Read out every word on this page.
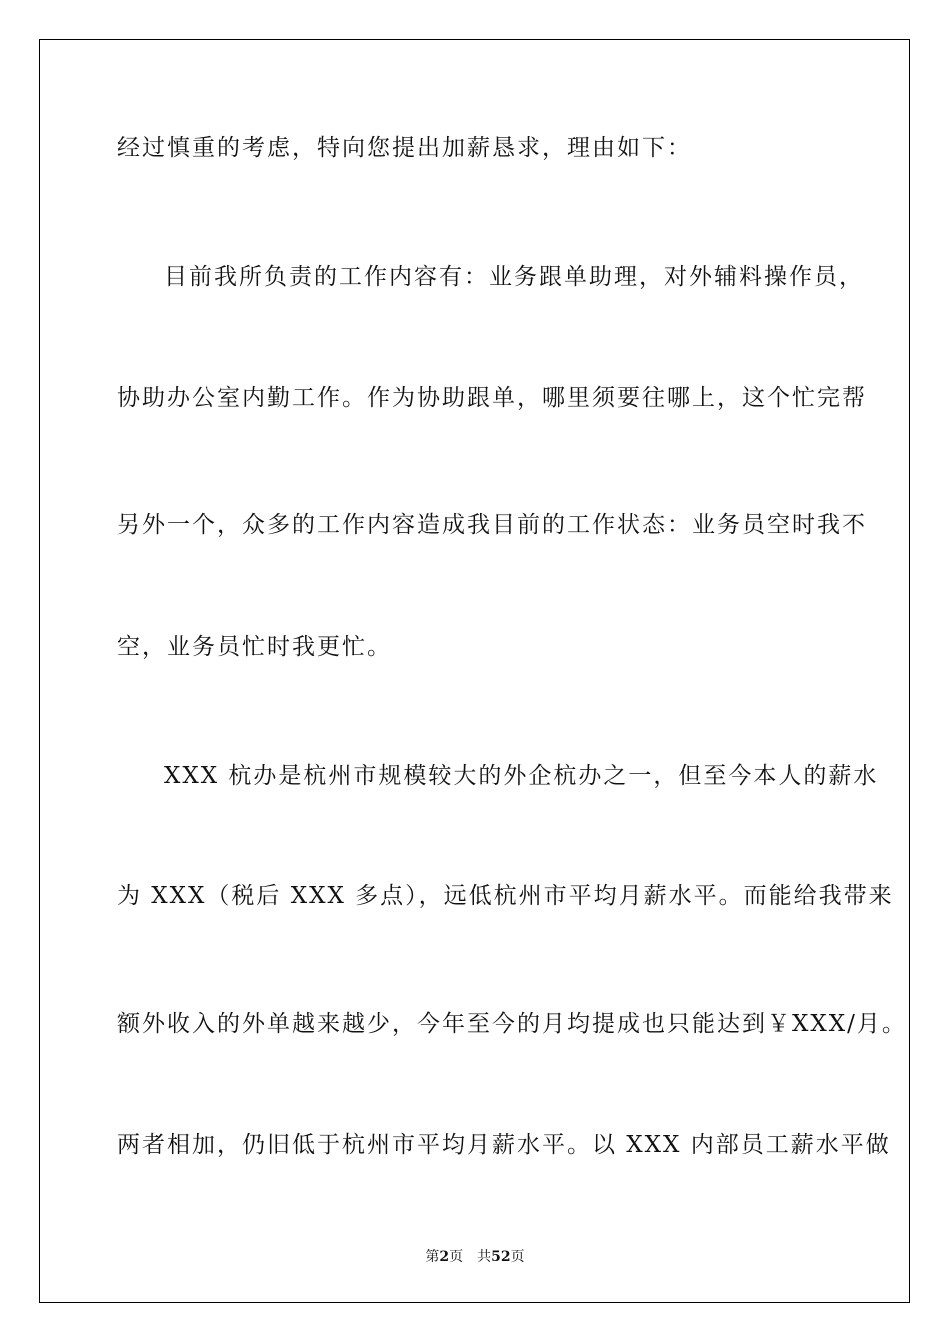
经过慎重的考虑，特向您提出加薪恳求，理由如下：
目前我所负责的工作内容有：业务跟单助理，对外辅料操作员，
协助办公室内勤工作。作为协助跟单，哪里须要往哪上，这个忙完帮
另外一个，众多的工作内容造成我目前的工作状态：业务员空时我不
空，业务员忙时我更忙。
XXX 杭办是杭州市规模较大的外企杭办之一，但至今本人的薪水
为 XXX（税后 XXX 多点），远低杭州市平均月薪水平。而能给我带来
额外收入的外单越来越少，今年至今的月均提成也只能达到￥XXX/月。
两者相加，仍旧低于杭州市平均月薪水平。以 XXX 内部员工薪水平做
第2页 共52页
